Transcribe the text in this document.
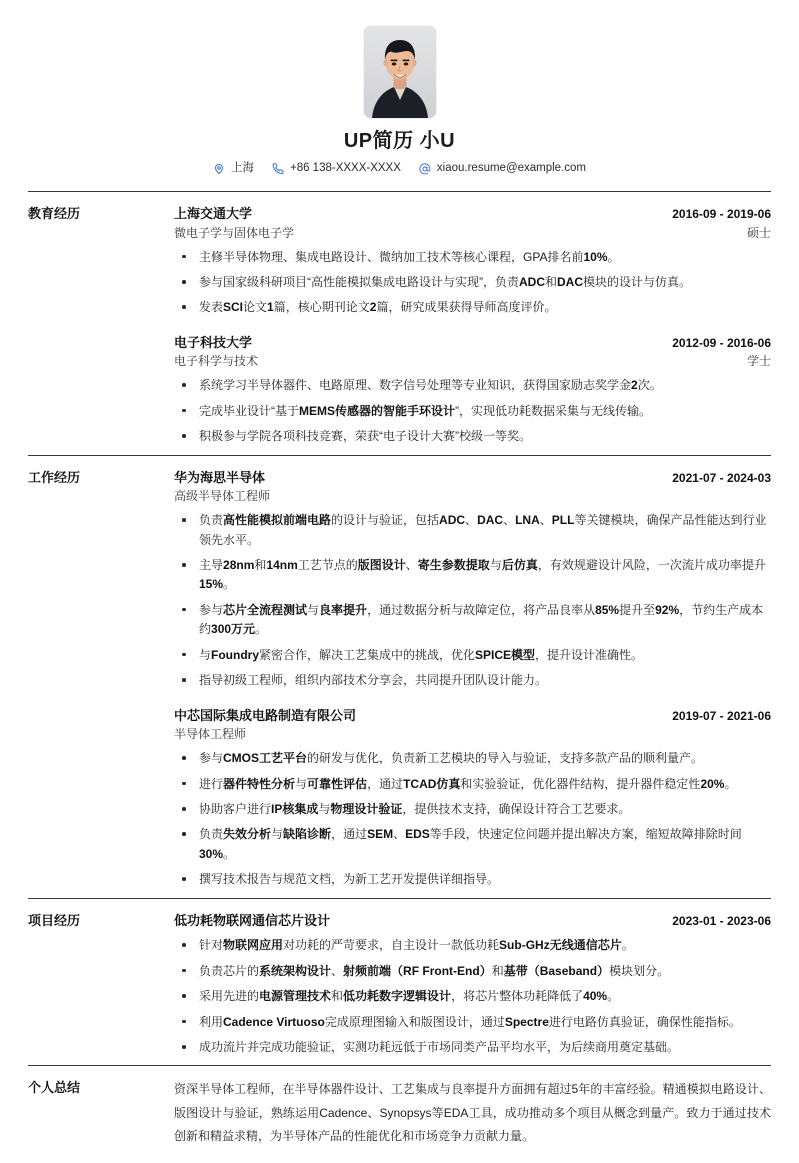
UP简历 小U
上海	+86 138-XXXX-XXXX	xiaou.resume@example.com
教育经历	上海交通大学	2016-09 - 2019-06
微电子学与固体电子学	硕士
主修半导体物理、集成电路设计、微纳加工技术等核心课程，GPA排名前10%。
参与国家级科研项目“高性能模拟集成电路设计与实现”，负责ADC和DAC模块的设计与仿真。
发表SCI论文1篇，核心期刊论文2篇，研究成果获得导师高度评价。
电子科技大学	2012-09 - 2016-06
电子科学与技术	学士
系统学习半导体器件、电路原理、数字信号处理等专业知识，获得国家励志奖学金2次。
完成毕业设计“基于MEMS传感器的智能手环设计”，实现低功耗数据采集与无线传输。
积极参与学院各项科技竞赛，荣获“电子设计大赛”校级一等奖。
工作经历	华为海思半导体	2021-07 - 2024-03
高级半导体工程师
负责高性能模拟前端电路的设计与验证，包括ADC、DAC、LNA、PLL等关键模块，确保产品性能达到行业领先水平。
主导28nm和14nm工艺节点的版图设计、寄生参数提取与后仿真，有效规避设计风险，一次流片成功率提升15%。
参与芯片全流程测试与良率提升，通过数据分析与故障定位，将产品良率从85%提升至92%，节约生产成本约300万元。
与Foundry紧密合作，解决工艺集成中的挑战，优化SPICE模型，提升设计准确性。
指导初级工程师，组织内部技术分享会，共同提升团队设计能力。
中芯国际集成电路制造有限公司	2019-07 - 2021-06
半导体工程师
参与CMOS工艺平台的研发与优化，负责新工艺模块的导入与验证，支持多款产品的顺利量产。
进行器件特性分析与可靠性评估，通过TCAD仿真和实验验证，优化器件结构，提升器件稳定性20%。
协助客户进行IP核集成与物理设计验证，提供技术支持，确保设计符合工艺要求。
负责失效分析与缺陷诊断，通过SEM、EDS等手段，快速定位问题并提出解决方案，缩短故障排除时间30%。
撰写技术报告与规范文档，为新工艺开发提供详细指导。
项目经历	低功耗物联网通信芯片设计	2023-01 - 2023-06
针对物联网应用对功耗的严苛要求，自主设计一款低功耗Sub-GHz无线通信芯片。
负责芯片的系统架构设计、射频前端（RF Front-End）和基带（Baseband）模块划分。
采用先进的电源管理技术和低功耗数字逻辑设计，将芯片整体功耗降低了40%。
利用Cadence Virtuoso完成原理图输入和版图设计，通过Spectre进行电路仿真验证，确保性能指标。
成功流片并完成功能验证，实测功耗远低于市场同类产品平均水平，为后续商用奠定基础。
个人总结	资深半导体工程师，在半导体器件设计、工艺集成与良率提升方面拥有超过5年的丰富经验。精通模拟电路设计、版图设计与验证，熟练运用Cadence、Synopsys等EDA工具，成功推动多个项目从概念到量产。致力于通过技术创新和精益求精，为半导体产品的性能优化和市场竞争力贡献力量。
